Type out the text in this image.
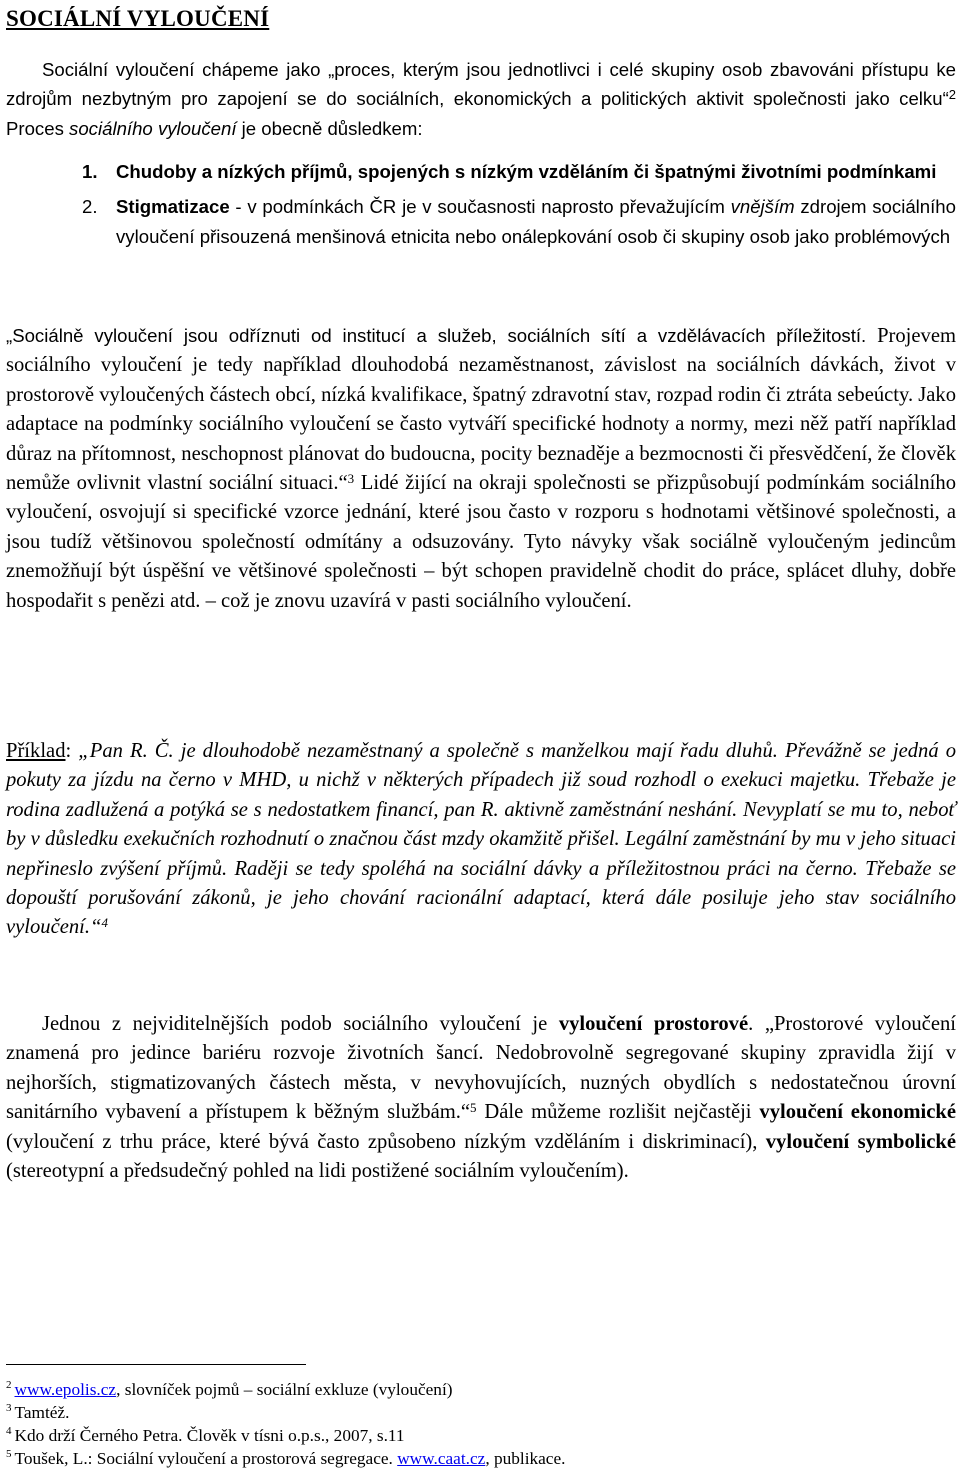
SOCIÁLNÍ VYLOUČENÍ

Sociální vyloučení chápeme jako „proces, kterým jsou jednotlivci i celé skupiny osob zbavováni přístupu ke zdrojům nezbytným pro zapojení se do sociálních, ekonomických a politických aktivit společnosti jako celku“$^2$ Proces sociálního vyloučení je obecně důsledkem:

1. Chudoby a nízkých příjmů, spojených s nízkým vzděláním či špatnými životními podmínkami
2. Stigmatizace - v podmínkách ČR je v současnosti naprosto převažujícím vnějším zdrojem sociálního vyloučení přisouzená menšinová etnicita nebo onálepkování osob či skupiny osob jako problémových

„Sociálně vyloučení jsou odříznuti od institucí a služeb, sociálních sítí a vzdělávacích příležitostí. Projevem sociálního vyloučení je tedy například dlouhodobá nezaměstnanost, závislost na sociálních dávkách, život v prostorově vyloučených částech obcí, nízká kvalifikace, špatný zdravotní stav, rozpad rodin či ztráta sebeúcty. Jako adaptace na podmínky sociálního vyloučení se často vytváří specifické hodnoty a normy, mezi něž patří například důraz na přítomnost, neschopnost plánovat do budoucna, pocity beznaděje a bezmocnosti či přesvědčení, že člověk nemůže ovlivnit vlastní sociální situaci.“$^3$ Lidé žijící na okraji společnosti se přizpůsobují podmínkám sociálního vyloučení, osvojují si specifické vzorce jednání, které jsou často v rozporu s hodnotami většinové společnosti, a jsou tudíž většinovou společností odmítány a odsuzovány. Tyto návyky však sociálně vyloučeným jedincům znemožňují být úspěšní ve většinové společnosti – být schopen pravidelně chodit do práce, splácet dluhy, dobře hospodařit s penězi atd. – což je znovu uzavírá v pasti sociálního vyloučení.

Příklad: „Pan R. Č. je dlouhodobě nezaměstnaný a společně s manželkou mají řadu dluhů. Převážně se jedná o pokuty za jízdu na černo v MHD, u nichž v některých případech již soud rozhodl o exekuci majetku. Třebaže je rodina zadlužená a potýká se s nedostatkem financí, pan R. aktivně zaměstnání neshání. Nevyplatí se mu to, neboť by v důsledku exekučních rozhodnutí o značnou část mzdy okamžitě přišel. Legální zaměstnání by mu v jeho situaci nepřineslo zvýšení příjmů. Raději se tedy spoléhá na sociální dávky a příležitostnou práci na černo. Třebaže se dopouští porušování zákonů, je jeho chování racionální adaptací, která dále posiluje jeho stav sociálního vyloučení.“$^4$

Jednou z nejviditelnějších podob sociálního vyloučení je vyloučení prostorové. „Prostorové vyloučení znamená pro jedince bariéru rozvoje životních šancí. Nedobrovolně segregované skupiny zpravidla žijí v nejhorších, stigmatizovaných částech města, v nevyhovujících, nuzných obydlích s nedostatečnou úrovní sanitárního vybavení a přístupem k běžným službám.“$^5$ Dále můžeme rozlišit nejčastěji vyloučení ekonomické (vyloučení z trhu práce, které bývá často způsobeno nízkým vzděláním i diskriminací), vyloučení symbolické (stereotypní a předsudečný pohled na lidi postižené sociálním vyloučením).

$^2$ www.epolis.cz, slovníček pojmů – sociální exkluze (vyloučení)
$^3$ Tamtéž.
$^4$ Kdo drží Černého Petra. Člověk v tísni o.p.s., 2007, s.11
$^5$ Toušek, L.: Sociální vyloučení a prostorová segregace. www.caat.cz, publikace.
